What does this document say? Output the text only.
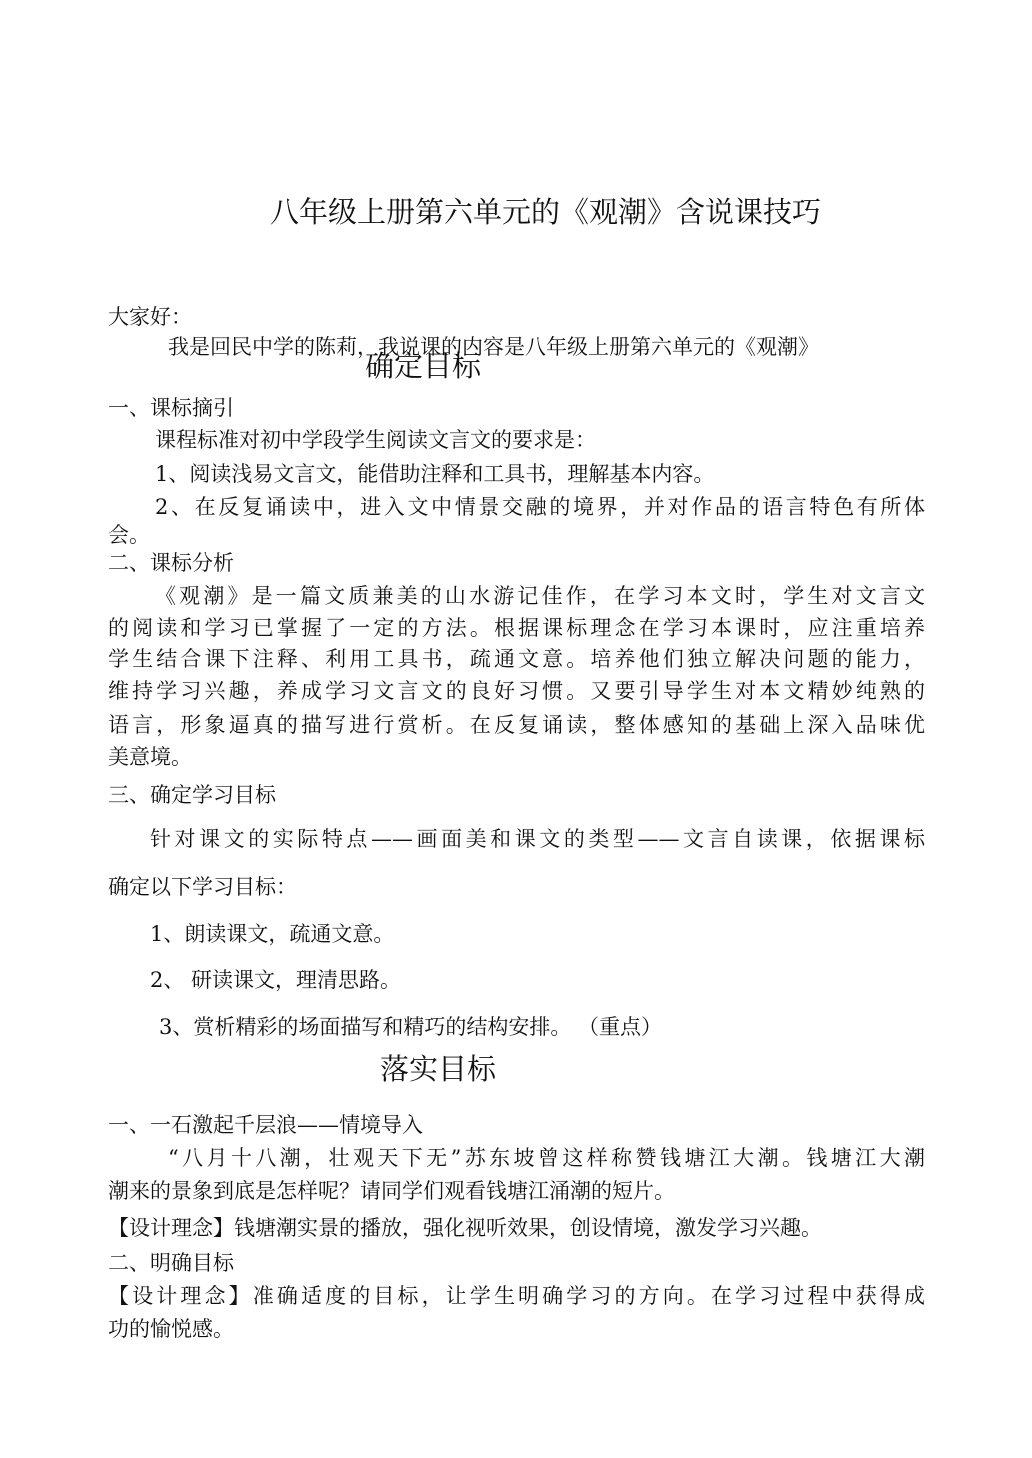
八年级上册第六单元的《观潮》含说课技巧
大家好：
我是回民中学的陈莉，我说课的内容是八年级上册第六单元的《观潮》
确定目标
一、课标摘引
课程标准对初中学段学生阅读文言文的要求是：
1、阅读浅易文言文，能借助注释和工具书，理解基本内容。
2、在反复诵读中，进入文中情景交融的境界，并对作品的语言特色有所体
会。
二、课标分析
《观潮》是一篇文质兼美的山水游记佳作，在学习本文时，学生对文言文
的阅读和学习已掌握了一定的方法。根据课标理念在学习本课时，应注重培养
学生结合课下注释、利用工具书，疏通文意。培养他们独立解决问题的能力，
维持学习兴趣，养成学习文言文的良好习惯。又要引导学生对本文精妙纯熟的
语言，形象逼真的描写进行赏析。在反复诵读，整体感知的基础上深入品味优
美意境。
三、确定学习目标
针对课文的实际特点——画面美和课文的类型——文言自读课，依据课标
确定以下学习目标：
1、朗读课文，疏通文意。
2、 研读课文，理清思路。
3、赏析精彩的场面描写和精巧的结构安排。 （重点）
落实目标
一、一石激起千层浪——情境导入
“八月十八潮，壮观天下无”苏东坡曾这样称赞钱塘江大潮。钱塘江大潮
潮来的景象到底是怎样呢？请同学们观看钱塘江涌潮的短片。
【设计理念】钱塘潮实景的播放，强化视听效果，创设情境，激发学习兴趣。
二、明确目标
【设计理念】准确适度的目标，让学生明确学习的方向。在学习过程中获得成
功的愉悦感。
